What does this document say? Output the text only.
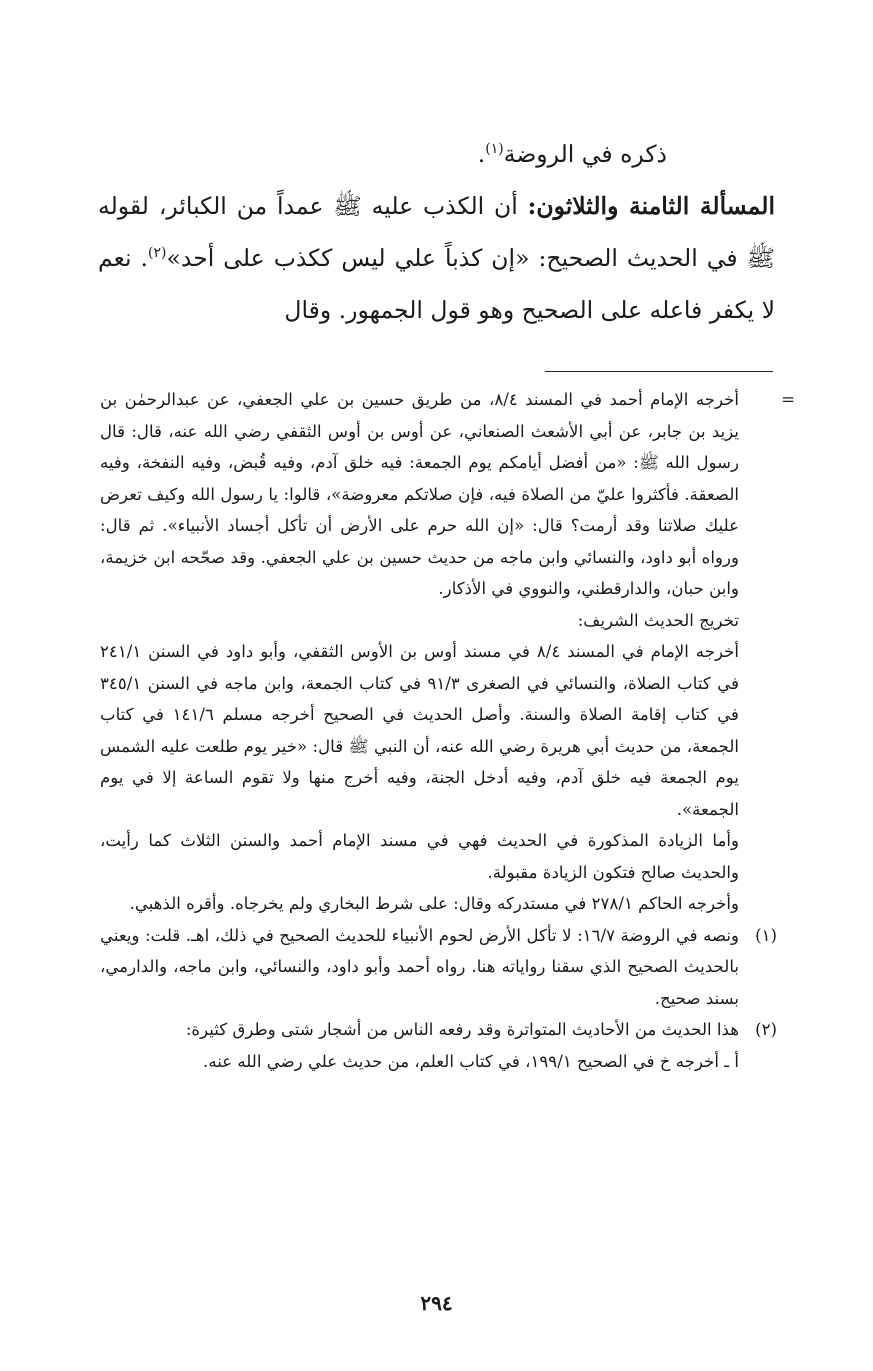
ذكره في الروضة$^{(١)}$.

المسألة الثامنة والثلاثون: أن الكذب عليه ﷺ عمداً من الكبائر، لقوله ﷺ في الحديث الصحيح: «إن كذباً علي ليس ككذب على أحد»$^{(٢)}$. نعم لا يكفر فاعله على الصحيح وهو قول الجمهور. وقال

=
أخرجه الإمام أحمد في المسند ٨/٤، من طريق حسين بن علي الجعفي، عن عبدالرحمٰن بن يزيد بن جابر، عن أبي الأشعث الصنعاني، عن أوس بن أوس الثقفي رضي الله عنه، قال: قال رسول الله ﷺ: «من أفضل أيامكم يوم الجمعة: فيه خلق آدم، وفيه قُبض، وفيه النفخة، وفيه الصعقة. فأكثروا عليّ من الصلاة فيه، فإن صلاتكم معروضة»، قالوا: يا رسول الله وكيف تعرض عليك صلاتنا وقد أرمت؟ قال: «إن الله حرم على الأرض أن تأكل أجساد الأنبياء». ثم قال: ورواه أبو داود، والنسائي وابن ماجه من حديث حسين بن علي الجعفي. وقد صحّحه ابن خزيمة، وابن حبان، والدارقطني، والنووي في الأذكار.

تخريج الحديث الشريف:

أخرجه الإمام في المسند ٨/٤ في مسند أوس بن الأوس الثقفي، وأبو داود في السنن ٢٤١/١ في كتاب الصلاة، والنسائي في الصغرى ٩١/٣ في كتاب الجمعة، وابن ماجه في السنن ٣٤٥/١ في كتاب إقامة الصلاة والسنة. وأصل الحديث في الصحيح أخرجه مسلم ١٤١/٦ في كتاب الجمعة، من حديث أبي هريرة رضي الله عنه، أن النبي ﷺ قال: «خير يوم طلعت عليه الشمس يوم الجمعة فيه خلق آدم، وفيه أدخل الجنة، وفيه أخرج منها ولا تقوم الساعة إلا في يوم الجمعة».

وأما الزيادة المذكورة في الحديث فهي في مسند الإمام أحمد والسنن الثلاث كما رأيت، والحديث صالح فتكون الزيادة مقبولة.

وأخرجه الحاكم ٢٧٨/١ في مستدركه وقال: على شرط البخاري ولم يخرجاه. وأقره الذهبي.

(١)
ونصه في الروضة ١٦/٧: لا تأكل الأرض لحوم الأنبياء للحديث الصحيح في ذلك، اهـ. قلت: ويعني بالحديث الصحيح الذي سقنا رواياته هنا. رواه أحمد وأبو داود، والنسائي، وابن ماجه، والدارمي، بسند صحيح.

(٢)
هذا الحديث من الأحاديث المتواترة وقد رفعه الناس من أشجار شتى وطرق كثيرة:

أ ـ أخرجه خ في الصحيح ١٩٩/١، في كتاب العلم، من حديث علي رضي الله عنه.

٢٩٤
